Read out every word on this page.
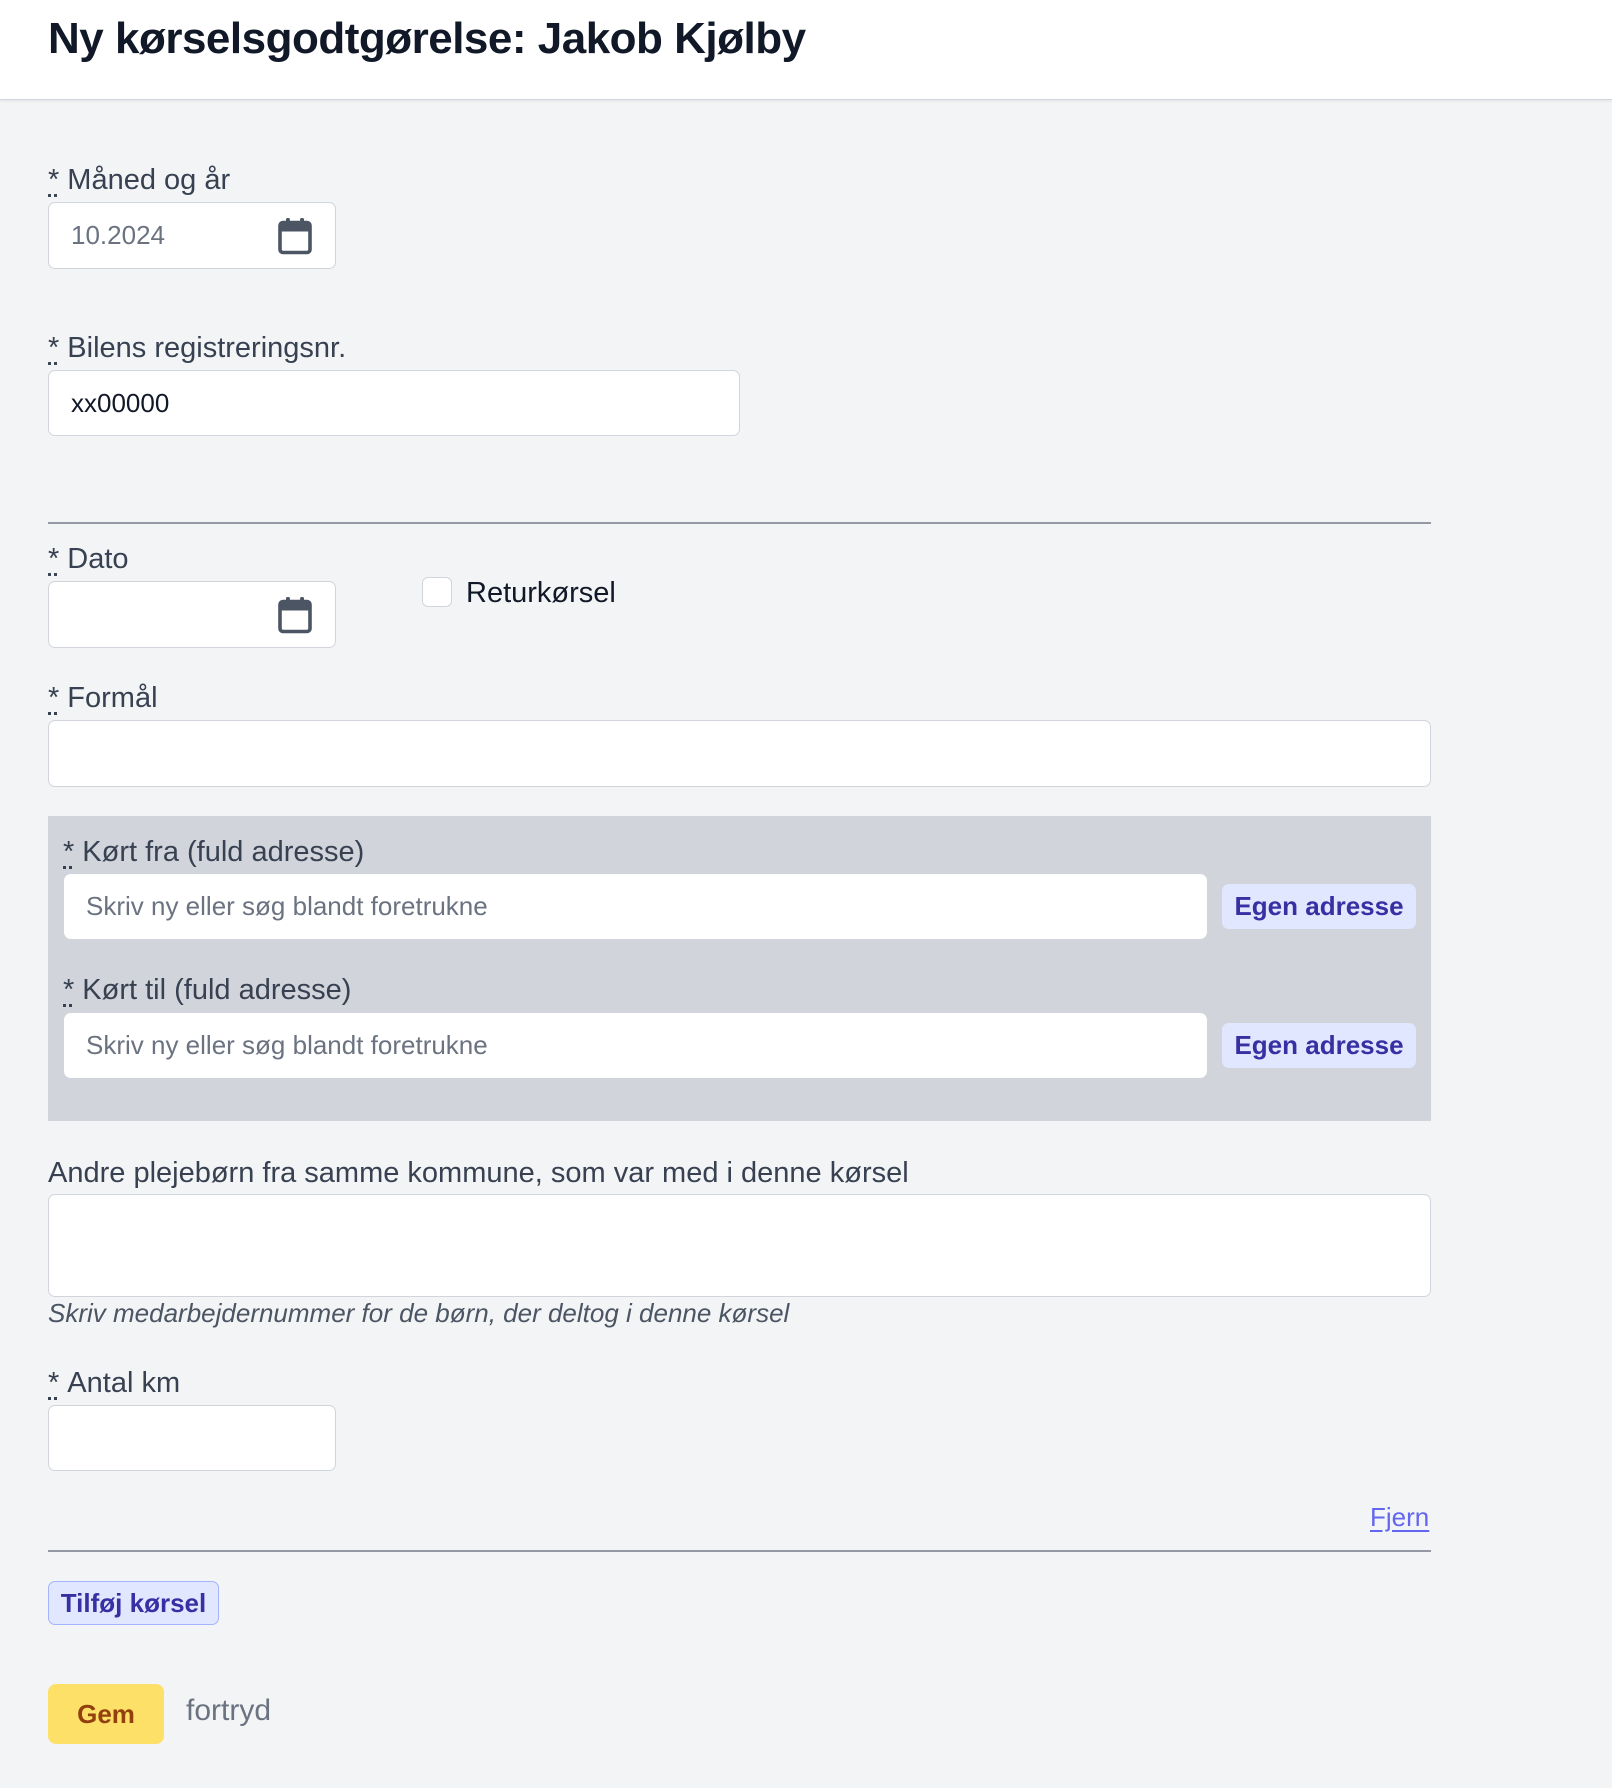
Ny kørselsgodtgørelse: Jakob Kjølby
* Måned og år
10.2024
* Bilens registreringsnr.
xx00000
* Dato
Returkørsel
* Formål
* Kørt fra (fuld adresse)
Skriv ny eller søg blandt foretrukne	Egen adresse
* Kørt til (fuld adresse)
Skriv ny eller søg blandt foretrukne	Egen adresse
Andre plejebørn fra samme kommune, som var med i denne kørsel
Skriv medarbejdernummer for de børn, der deltog i denne kørsel
* Antal km
Fjern
Tilføj kørsel
Gem	fortryd
